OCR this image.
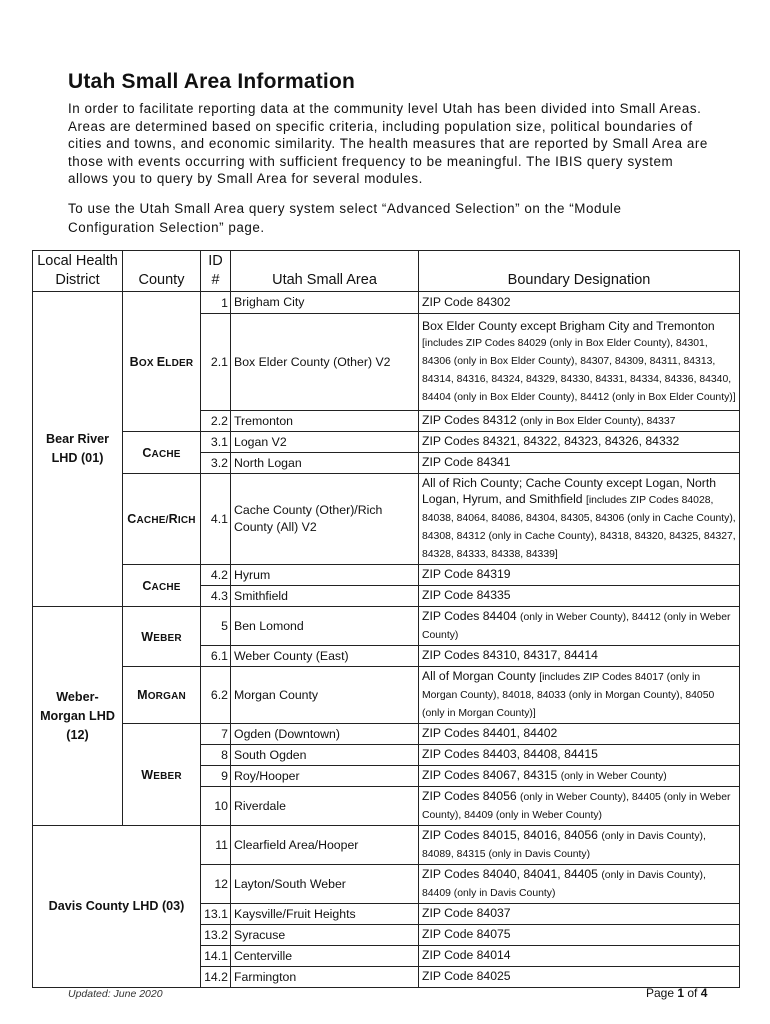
Utah Small Area Information

In order to facilitate reporting data at the community level Utah has been divided into Small Areas. Areas are determined based on specific criteria, including population size, political boundaries of cities and towns, and economic similarity. The health measures that are reported by Small Area are those with events occurring with sufficient frequency to be meaningful. The IBIS query system allows you to query by Small Area for several modules.

To use the Utah Small Area query system select “Advanced Selection” on the “Module Configuration Selection” page.

Local Health
District	County	ID
#	Utah Small Area	Boundary Designation
Bear River LHD (01)	BOX ELDER	1	Brigham City	ZIP Code 84302
		2.1	Box Elder County (Other) V2	Box Elder County except Brigham City and Tremonton
[includes ZIP Codes 84029 (only in Box Elder County), 84301, 84306 (only in Box Elder County), 84307, 84309, 84311, 84313, 84314, 84316, 84324, 84329, 84330, 84331, 84334, 84336, 84340, 84404 (only in Box Elder County), 84412 (only in Box Elder County)]
		2.2	Tremonton	ZIP Codes 84312 (only in Box Elder County), 84337
	CACHE	3.1	Logan V2	ZIP Codes 84321, 84322, 84323, 84326, 84332
		3.2	North Logan	ZIP Code 84341
	CACHE/RICH	4.1	Cache County (Other)/Rich County (All) V2	All of Rich County; Cache County except Logan, North Logan, Hyrum, and Smithfield [includes ZIP Codes 84028, 84038, 84064, 84086, 84304, 84305, 84306 (only in Cache County), 84308, 84312 (only in Cache County), 84318, 84320, 84325, 84327, 84328, 84333, 84338, 84339]
	CACHE	4.2	Hyrum	ZIP Code 84319
		4.3	Smithfield	ZIP Code 84335
Weber-Morgan LHD (12)	WEBER	5	Ben Lomond	ZIP Codes 84404 (only in Weber County), 84412 (only in Weber County)
		6.1	Weber County (East)	ZIP Codes 84310, 84317, 84414
	MORGAN	6.2	Morgan County	All of Morgan County [includes ZIP Codes 84017 (only in Morgan County), 84018, 84033 (only in Morgan County), 84050 (only in Morgan County)]
	WEBER	7	Ogden (Downtown)	ZIP Codes 84401, 84402
		8	South Ogden	ZIP Codes 84403, 84408, 84415
		9	Roy/Hooper	ZIP Codes 84067, 84315 (only in Weber County)
		10	Riverdale	ZIP Codes 84056 (only in Weber County), 84405 (only in Weber County), 84409 (only in Weber County)
Davis County LHD (03)		11	Clearfield Area/Hooper	ZIP Codes 84015, 84016, 84056 (only in Davis County), 84089, 84315 (only in Davis County)
		12	Layton/South Weber	ZIP Codes 84040, 84041, 84405 (only in Davis County), 84409 (only in Davis County)
		13.1	Kaysville/Fruit Heights	ZIP Code 84037
		13.2	Syracuse	ZIP Code 84075
		14.1	Centerville	ZIP Code 84014
		14.2	Farmington	ZIP Code 84025
Updated: June 2020	Page 1 of 4
